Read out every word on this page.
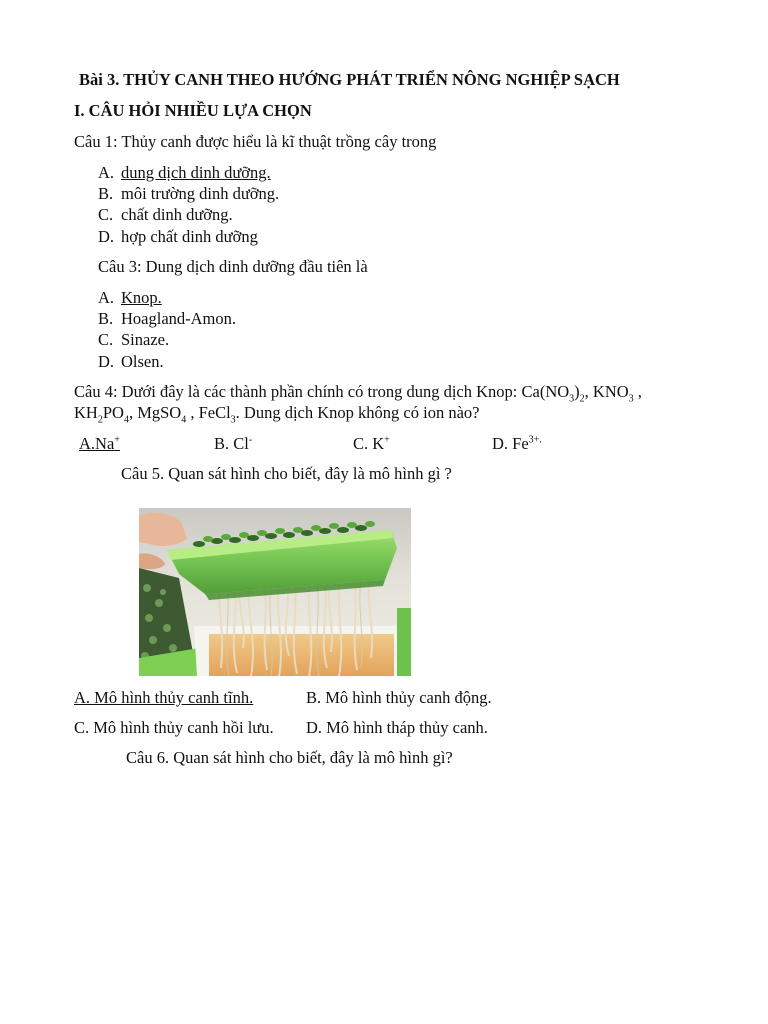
Bài 3. THỦY CANH THEO HƯỚNG PHÁT TRIỂN NÔNG NGHIỆP SẠCH
I. CÂU HỎI NHIỀU LỰA CHỌN
Câu 1: Thủy canh được hiểu là kĩ thuật trồng cây trong
A. dung dịch dinh dưỡng.
B. môi trường dinh dưỡng.
C. chất dinh dưỡng.
D. hợp chất dinh dưỡng
Câu 3: Dung dịch dinh dưỡng đầu tiên là
A. Knop.
B. Hoagland-Amon.
C. Sinaze.
D. Olsen.
Câu 4: Dưới đây là các thành phần chính có trong dung dịch Knop: $Ca(NO_3)_2$, $KNO_3$ ,
$KH_2PO_4$, MgSO$_4$ , FeCl$_3$. Dung dịch Knop không có ion nào?
A.Na+	B. Cl-	C. K+	D. $Fe^{3+.}$
Câu 5. Quan sát hình cho biết, đây là mô hình gì ?
A. Mô hình thủy canh tĩnh.	B. Mô hình thủy canh động.
C. Mô hình thủy canh hồi lưu. D. Mô hình tháp thủy canh.
Câu 6. Quan sát hình cho biết, đây là mô hình gì?
